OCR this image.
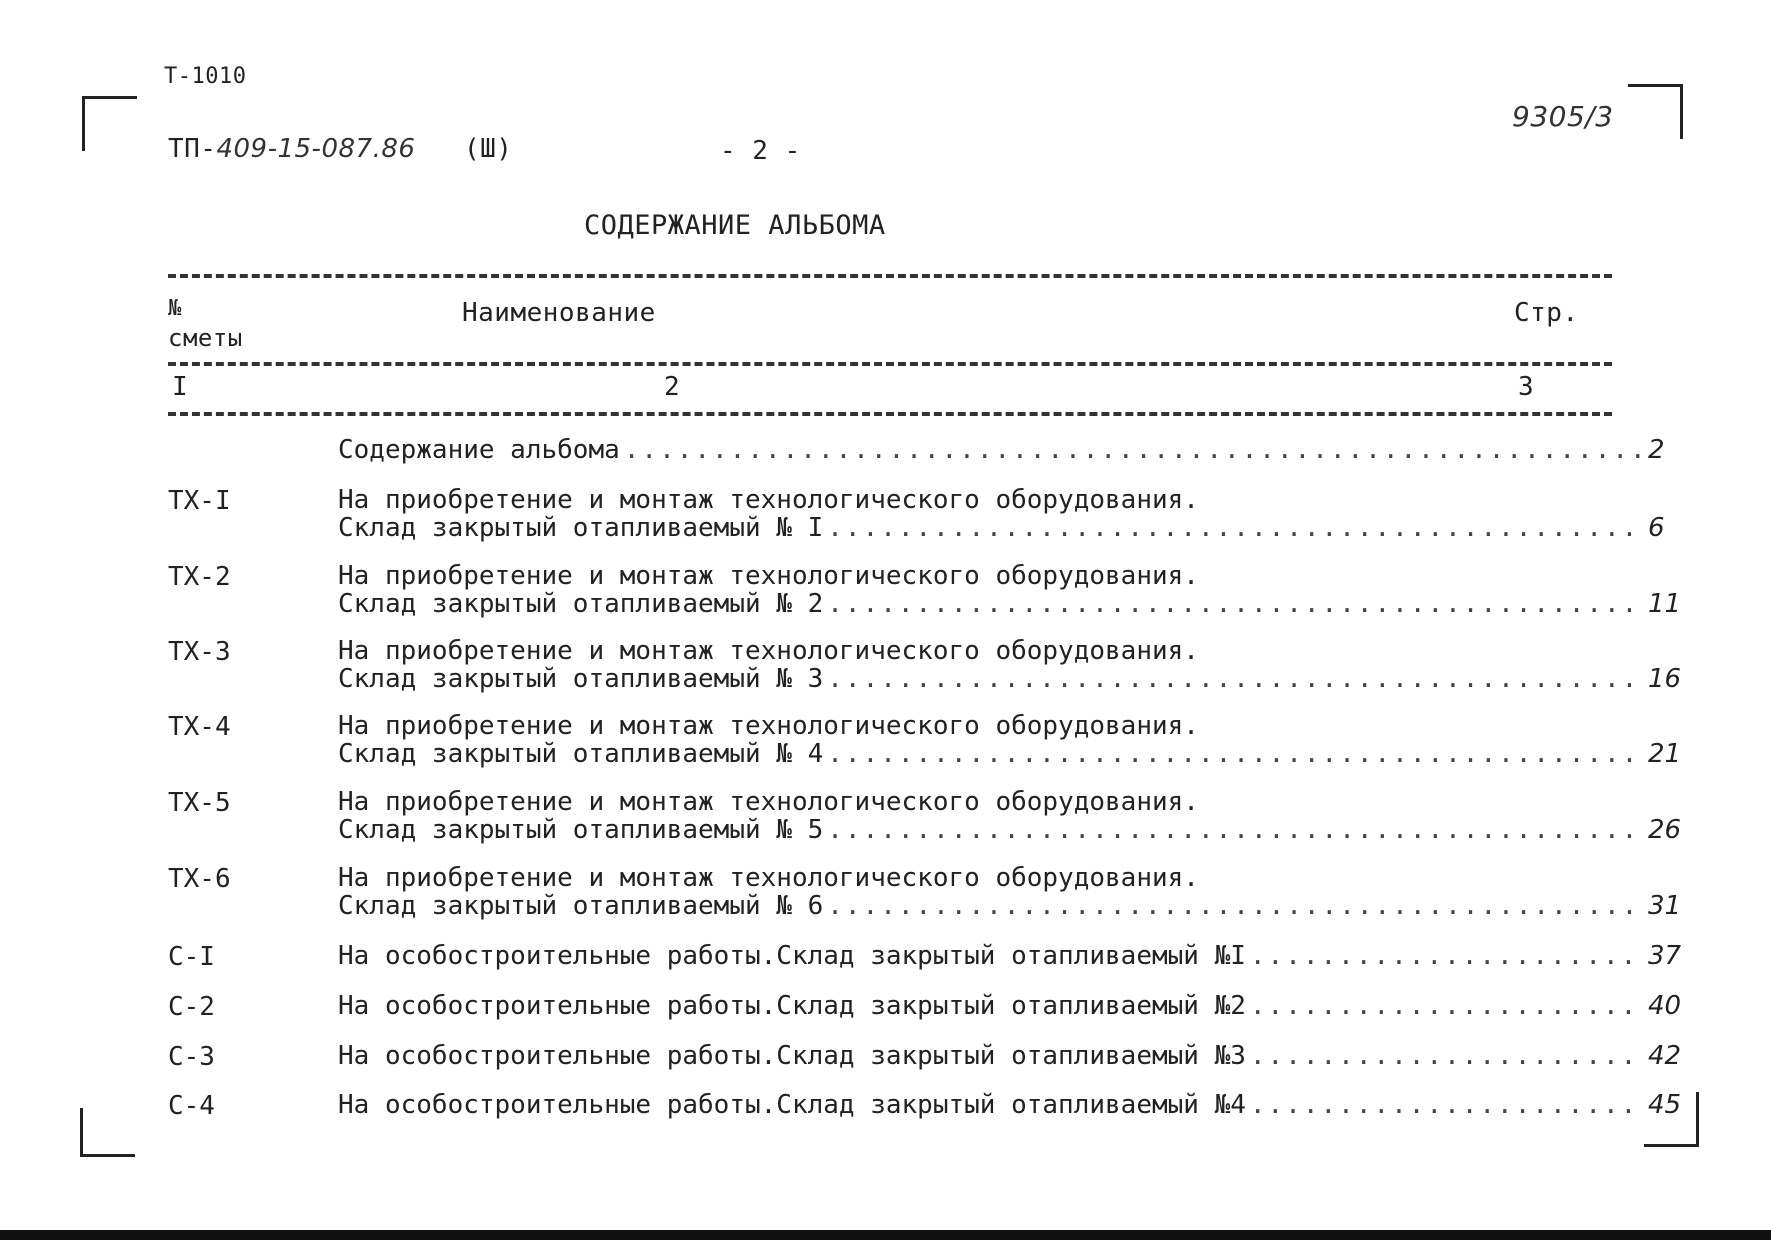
Т-1010
ТП-409-15-087.86 (Ш)	- 2 -
9305/3
СОДЕРЖАНИЕ АЛЬБОМА
№
сметы
Наименование	Стр.
I	2	3
Содержание альбома .....	2
ТХ-I	На приобретение и монтаж технологического оборудования.
Склад закрытый отапливаемый № I .....	6
ТХ-2	На приобретение и монтаж технологического оборудования.
Склад закрытый отапливаемый № 2 .....	11
ТХ-3	На приобретение и монтаж технологического оборудования.
Склад закрытый отапливаемый № 3 .....	16
ТХ-4	На приобретение и монтаж технологического оборудования.
Склад закрытый отапливаемый № 4 .....	21
ТХ-5	На приобретение и монтаж технологического оборудования.
Склад закрытый отапливаемый № 5 .....	26
ТХ-6	На приобретение и монтаж технологического оборудования.
Склад закрытый отапливаемый № 6 .....	31
С-I	На особостроительные работы.Склад закрытый отапливаемый №I .....	37
С-2	На особостроительные работы.Склад закрытый отапливаемый №2 .....	40
С-3	На особостроительные работы.Склад закрытый отапливаемый №3 .....	42
С-4	На особостроительные работы.Склад закрытый отапливаемый №4 .....	45
